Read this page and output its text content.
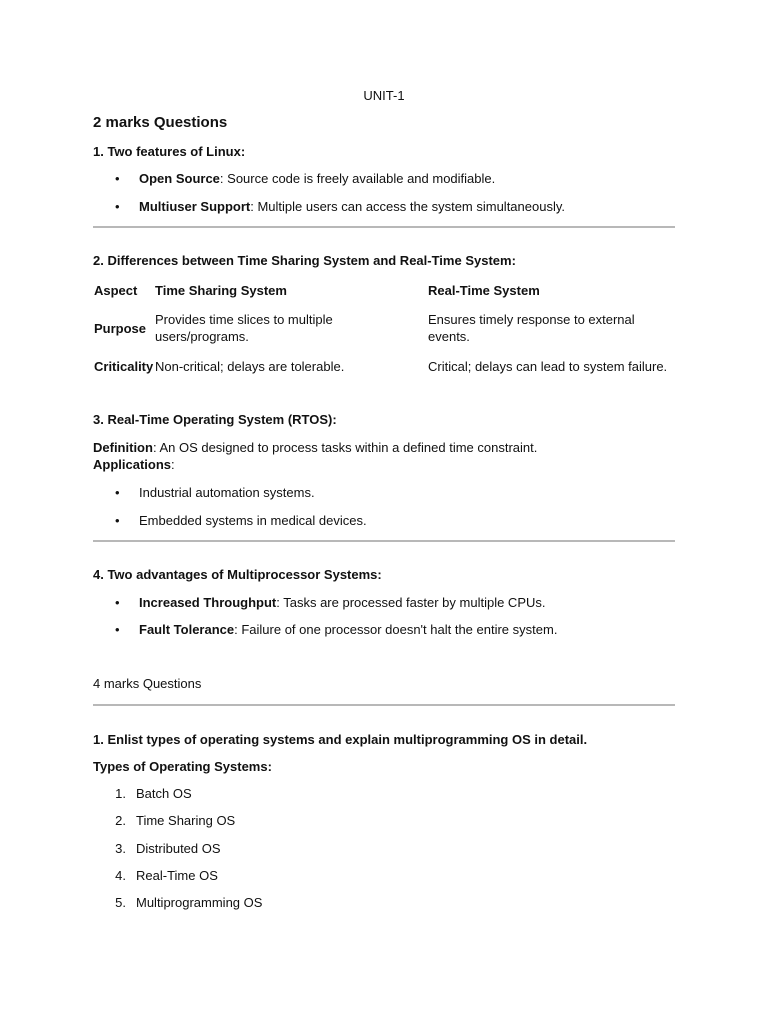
UNIT-1
2 marks Questions
1. Two features of Linux:
• Open Source: Source code is freely available and modifiable.
• Multiuser Support: Multiple users can access the system simultaneously.
2. Differences between Time Sharing System and Real-Time System:
Aspect Time Sharing System	Real-Time System
Purpose
Provides time slices to multiple
users/programs.
Ensures timely response to external
events.
Criticality Non-critical; delays are tolerable.	Critical; delays can lead to system failure.
3. Real-Time Operating System (RTOS):
Definition: An OS designed to process tasks within a defined time constraint.
Applications:
• Industrial automation systems.
• Embedded systems in medical devices.
4. Two advantages of Multiprocessor Systems:
• Increased Throughput: Tasks are processed faster by multiple CPUs.
• Fault Tolerance: Failure of one processor doesn't halt the entire system.
4 marks Questions
1. Enlist types of operating systems and explain multiprogramming OS in detail.
Types of Operating Systems:
1. Batch OS
2. Time Sharing OS
3. Distributed OS
4. Real-Time OS
5. Multiprogramming OS
